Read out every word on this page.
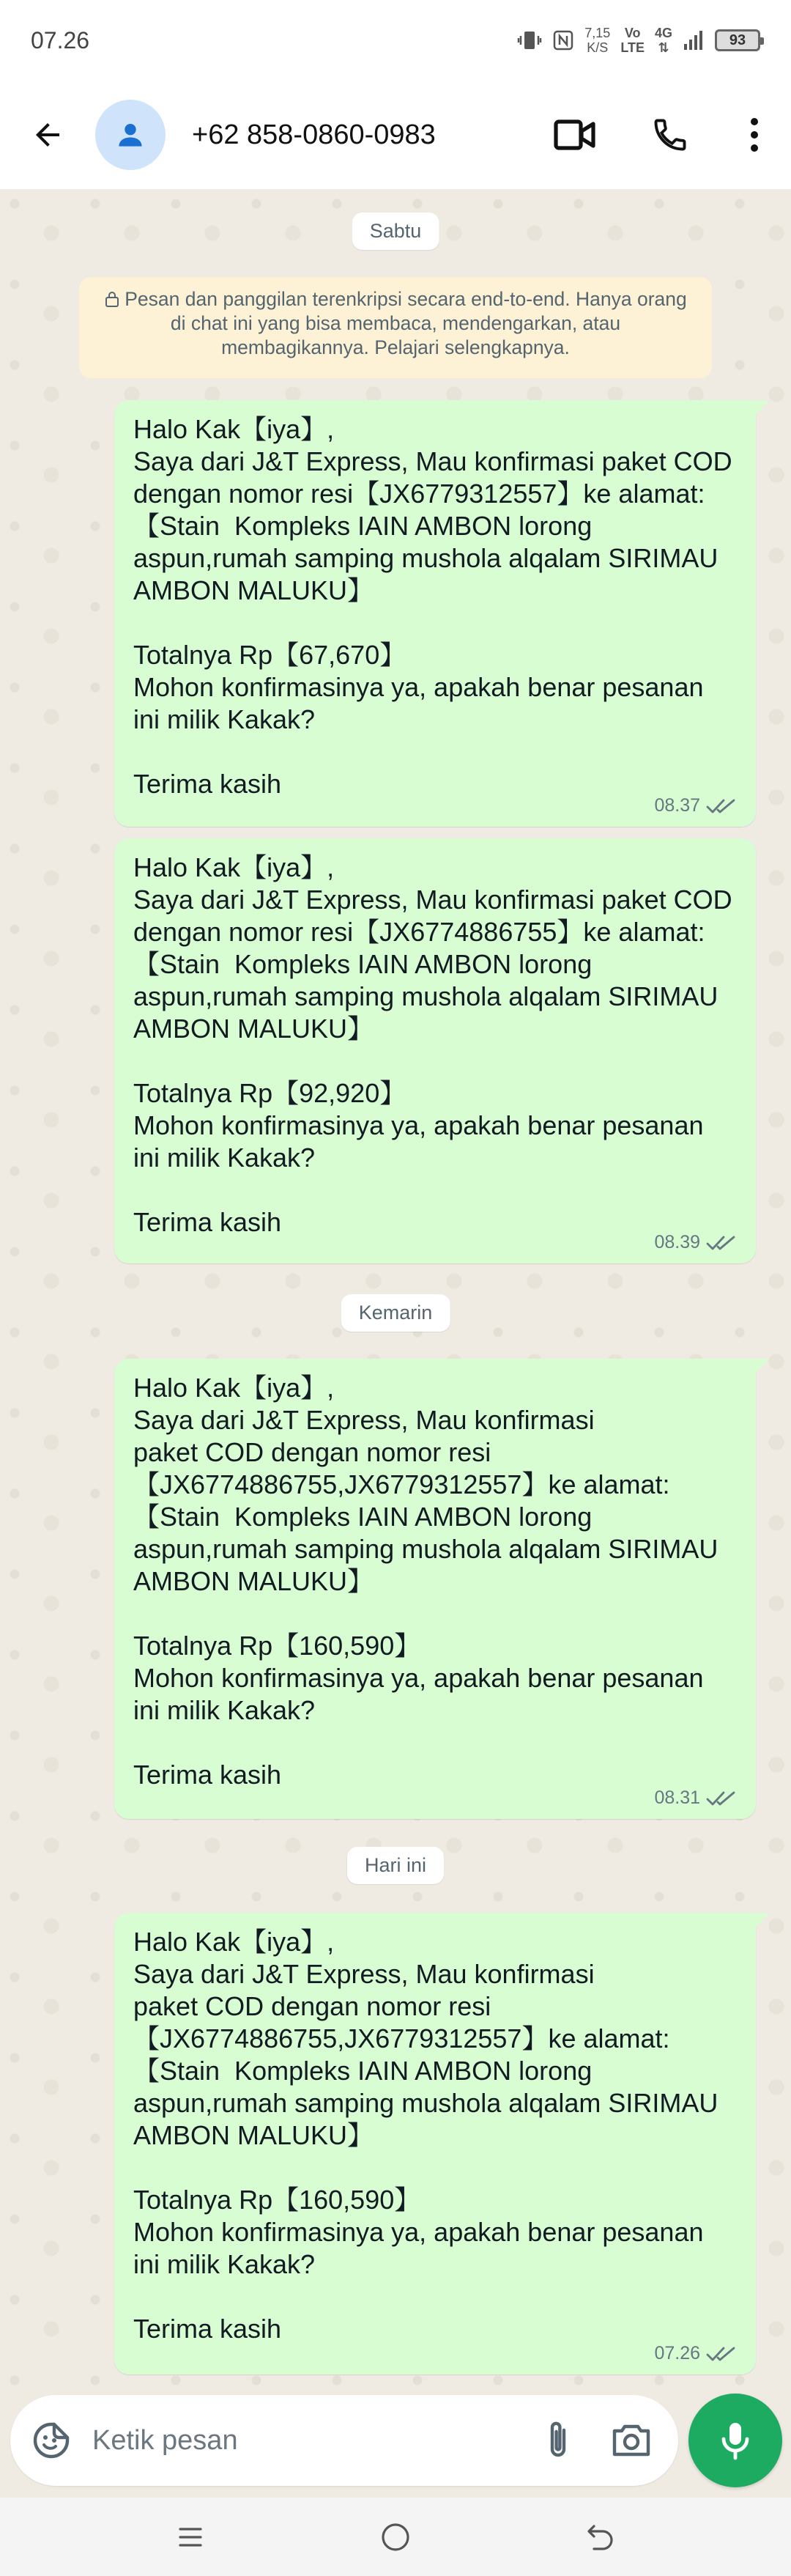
07.26	7,15
K/S
Vo
LTE
4G
⇅	93
+62 858-0860-0983
Sabtu
Pesan dan panggilan terenkripsi secara end-to-end. Hanya orang di chat ini yang bisa membaca, mendengarkan, atau membagikannya. Pelajari selengkapnya.
Halo Kak【iya】,
Saya dari J&T Express, Mau konfirmasi paket COD dengan nomor resi【JX6779312557】ke alamat:
【Stain  Kompleks IAIN AMBON lorong aspun,rumah samping mushola alqalam SIRIMAU AMBON MALUKU】

Totalnya Rp【67,670】
Mohon konfirmasinya ya, apakah benar pesanan ini milik Kakak?

Terima kasih
08.37
Halo Kak【iya】,
Saya dari J&T Express, Mau konfirmasi paket COD dengan nomor resi【JX6774886755】ke alamat:
【Stain  Kompleks IAIN AMBON lorong aspun,rumah samping mushola alqalam SIRIMAU AMBON MALUKU】

Totalnya Rp【92,920】
Mohon konfirmasinya ya, apakah benar pesanan ini milik Kakak?

Terima kasih
08.39
Kemarin
Halo Kak【iya】,
Saya dari J&T Express, Mau konfirmasi
paket COD dengan nomor resi
【JX6774886755,JX6779312557】ke alamat:
【Stain  Kompleks IAIN AMBON lorong aspun,rumah samping mushola alqalam SIRIMAU AMBON MALUKU】

Totalnya Rp【160,590】
Mohon konfirmasinya ya, apakah benar pesanan ini milik Kakak?

Terima kasih
08.31
Hari ini
Halo Kak【iya】,
Saya dari J&T Express, Mau konfirmasi
paket COD dengan nomor resi
【JX6774886755,JX6779312557】ke alamat:
【Stain  Kompleks IAIN AMBON lorong aspun,rumah samping mushola alqalam SIRIMAU AMBON MALUKU】

Totalnya Rp【160,590】
Mohon konfirmasinya ya, apakah benar pesanan ini milik Kakak?

Terima kasih
07.26
Ketik pesan
